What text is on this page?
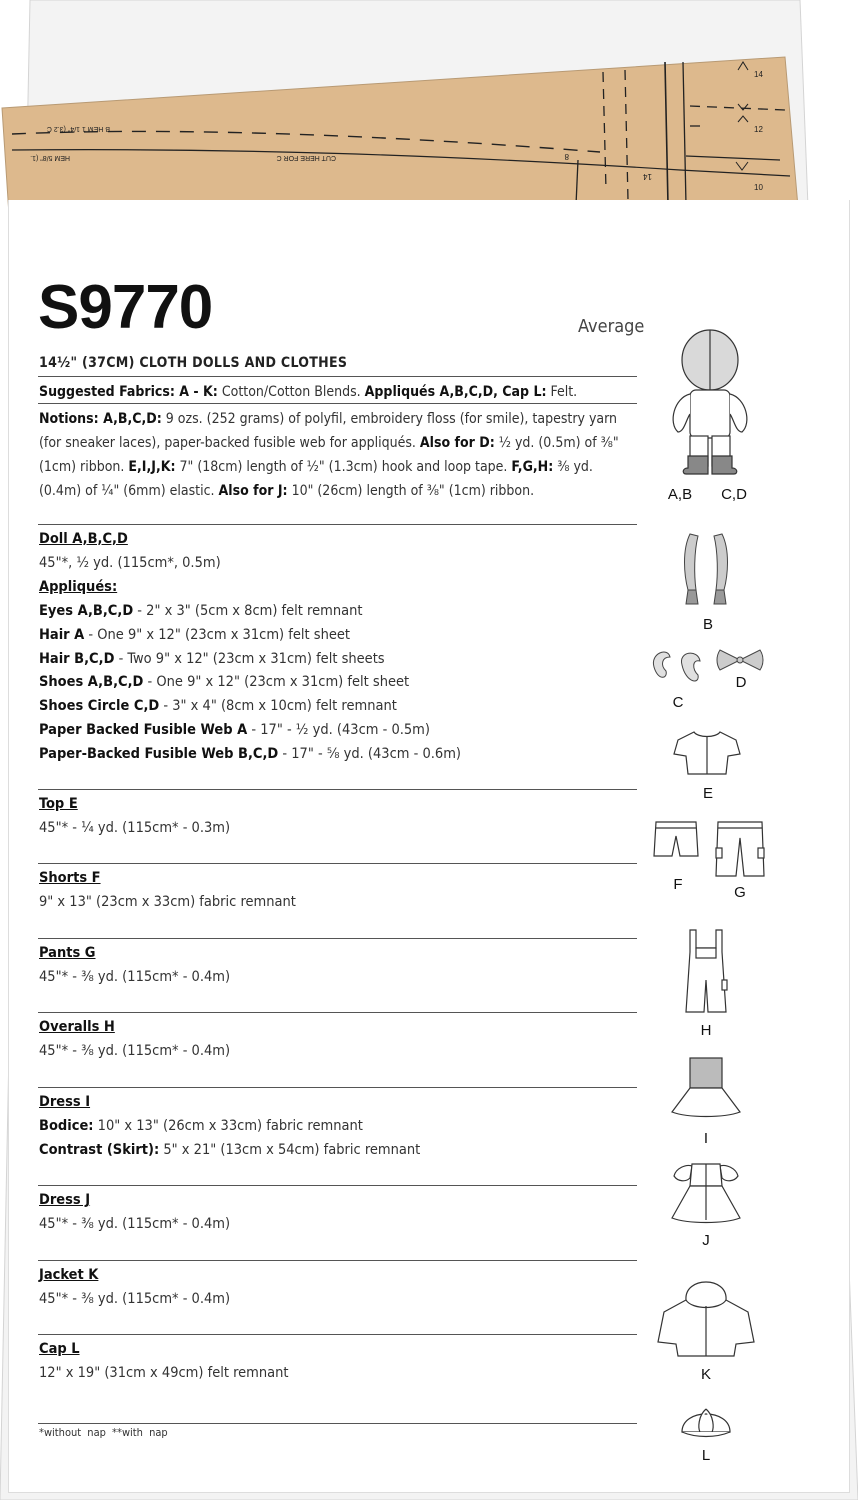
14
12
10
8
14
B HEM 1 1/4" (3.2 C
HEM 5/8" (1.	CUT HERE FOR C
S9770	Average
14½" (37CM) CLOTH DOLLS AND CLOTHES
Suggested Fabrics: A - K: Cotton/Cotton Blends. Appliqués A,B,C,D, Cap L: Felt.
Notions: A,B,C,D: 9 ozs. (252 grams) of polyfil, embroidery floss (for smile), tapestry yarn (for sneaker laces), paper-backed fusible web for appliqués. Also for D: ½ yd. (0.5m) of ⅜" (1cm) ribbon. E,I,J,K: 7" (18cm) length of ½" (1.3cm) hook and loop tape. F,G,H: ⅜ yd. (0.4m) of ¼" (6mm) elastic. Also for J: 10" (26cm) length of ⅜" (1cm) ribbon.
Doll A,B,C,D
45"*, ½ yd. (115cm*, 0.5m)
Appliqués:
Eyes A,B,C,D - 2" x 3" (5cm x 8cm) felt remnant
Hair A - One 9" x 12" (23cm x 31cm) felt sheet
Hair B,C,D - Two 9" x 12" (23cm x 31cm) felt sheets
Shoes A,B,C,D - One 9" x 12" (23cm x 31cm) felt sheet
Shoes Circle C,D - 3" x 4" (8cm x 10cm) felt remnant
Paper Backed Fusible Web A - 17" - ½ yd. (43cm - 0.5m)
Paper-Backed Fusible Web B,C,D - 17" - ⅝ yd. (43cm - 0.6m)
Top E
45"* - ¼ yd. (115cm* - 0.3m)
Shorts F
9" x 13" (23cm x 33cm) fabric remnant
Pants G
45"* - ⅜ yd. (115cm* - 0.4m)
Overalls H
45"* - ⅜ yd. (115cm* - 0.4m)
Dress I
Bodice: 10" x 13" (26cm x 33cm) fabric remnant
Contrast (Skirt): 5" x 21" (13cm x 54cm) fabric remnant
Dress J
45"* - ⅜ yd. (115cm* - 0.4m)
Jacket K
45"* - ⅜ yd. (115cm* - 0.4m)
Cap L
12" x 19" (31cm x 49cm) felt remnant
*without nap **with nap
A,B	C,D
B
C
D
E
F	G
H
I
J
K
L
